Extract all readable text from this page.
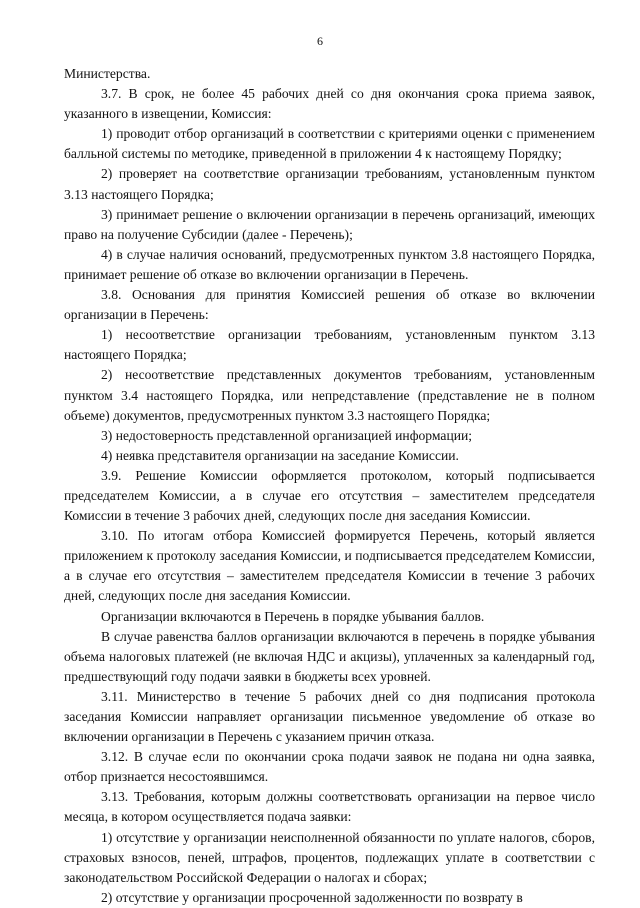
6

Министерства.

3.7. В срок, не более 45 рабочих дней со дня окончания срока приема заявок, указанного в извещении, Комиссия:

1) проводит отбор организаций в соответствии с критериями оценки с применением балльной системы по методике, приведенной в приложении 4 к настоящему Порядку;

2) проверяет на соответствие организации требованиям, установленным пунктом 3.13 настоящего Порядка;

3) принимает решение о включении организации в перечень организаций, имеющих право на получение Субсидии (далее - Перечень);

4) в случае наличия оснований, предусмотренных пунктом 3.8 настоящего Порядка, принимает решение об отказе во включении организации в Перечень.

3.8. Основания для принятия Комиссией решения об отказе во включении организации в Перечень:

1) несоответствие организации требованиям, установленным пунктом 3.13 настоящего Порядка;

2) несоответствие представленных документов требованиям, установленным пунктом 3.4 настоящего Порядка, или непредставление (представление не в полном объеме) документов, предусмотренных пунктом 3.3 настоящего Порядка;

3) недостоверность представленной организацией информации;

4) неявка представителя организации на заседание Комиссии.

3.9. Решение Комиссии оформляется протоколом, который подписывается председателем Комиссии, а в случае его отсутствия – заместителем председателя Комиссии в течение 3 рабочих дней, следующих после дня заседания Комиссии.

3.10. По итогам отбора Комиссией формируется Перечень, который является приложением к протоколу заседания Комиссии, и подписывается председателем Комиссии, а в случае его отсутствия – заместителем председателя Комиссии в течение 3 рабочих дней, следующих после дня заседания Комиссии.

Организации включаются в Перечень в порядке убывания баллов.

В случае равенства баллов организации включаются в перечень в порядке убывания объема налоговых платежей (не включая НДС и акцизы), уплаченных за календарный год, предшествующий году подачи заявки в бюджеты всех уровней.

3.11. Министерство в течение 5 рабочих дней со дня подписания протокола заседания Комиссии направляет организации письменное уведомление об отказе во включении организации в Перечень с указанием причин отказа.

3.12. В случае если по окончании срока подачи заявок не подана ни одна заявка, отбор признается несостоявшимся.

3.13. Требования, которым должны соответствовать организации на первое число месяца, в котором осуществляется подача заявки:

1) отсутствие у организации неисполненной обязанности по уплате налогов, сборов, страховых взносов, пеней, штрафов, процентов, подлежащих уплате в соответствии с законодательством Российской Федерации о налогах и сборах;

2) отсутствие у организации просроченной задолженности по возврату в
